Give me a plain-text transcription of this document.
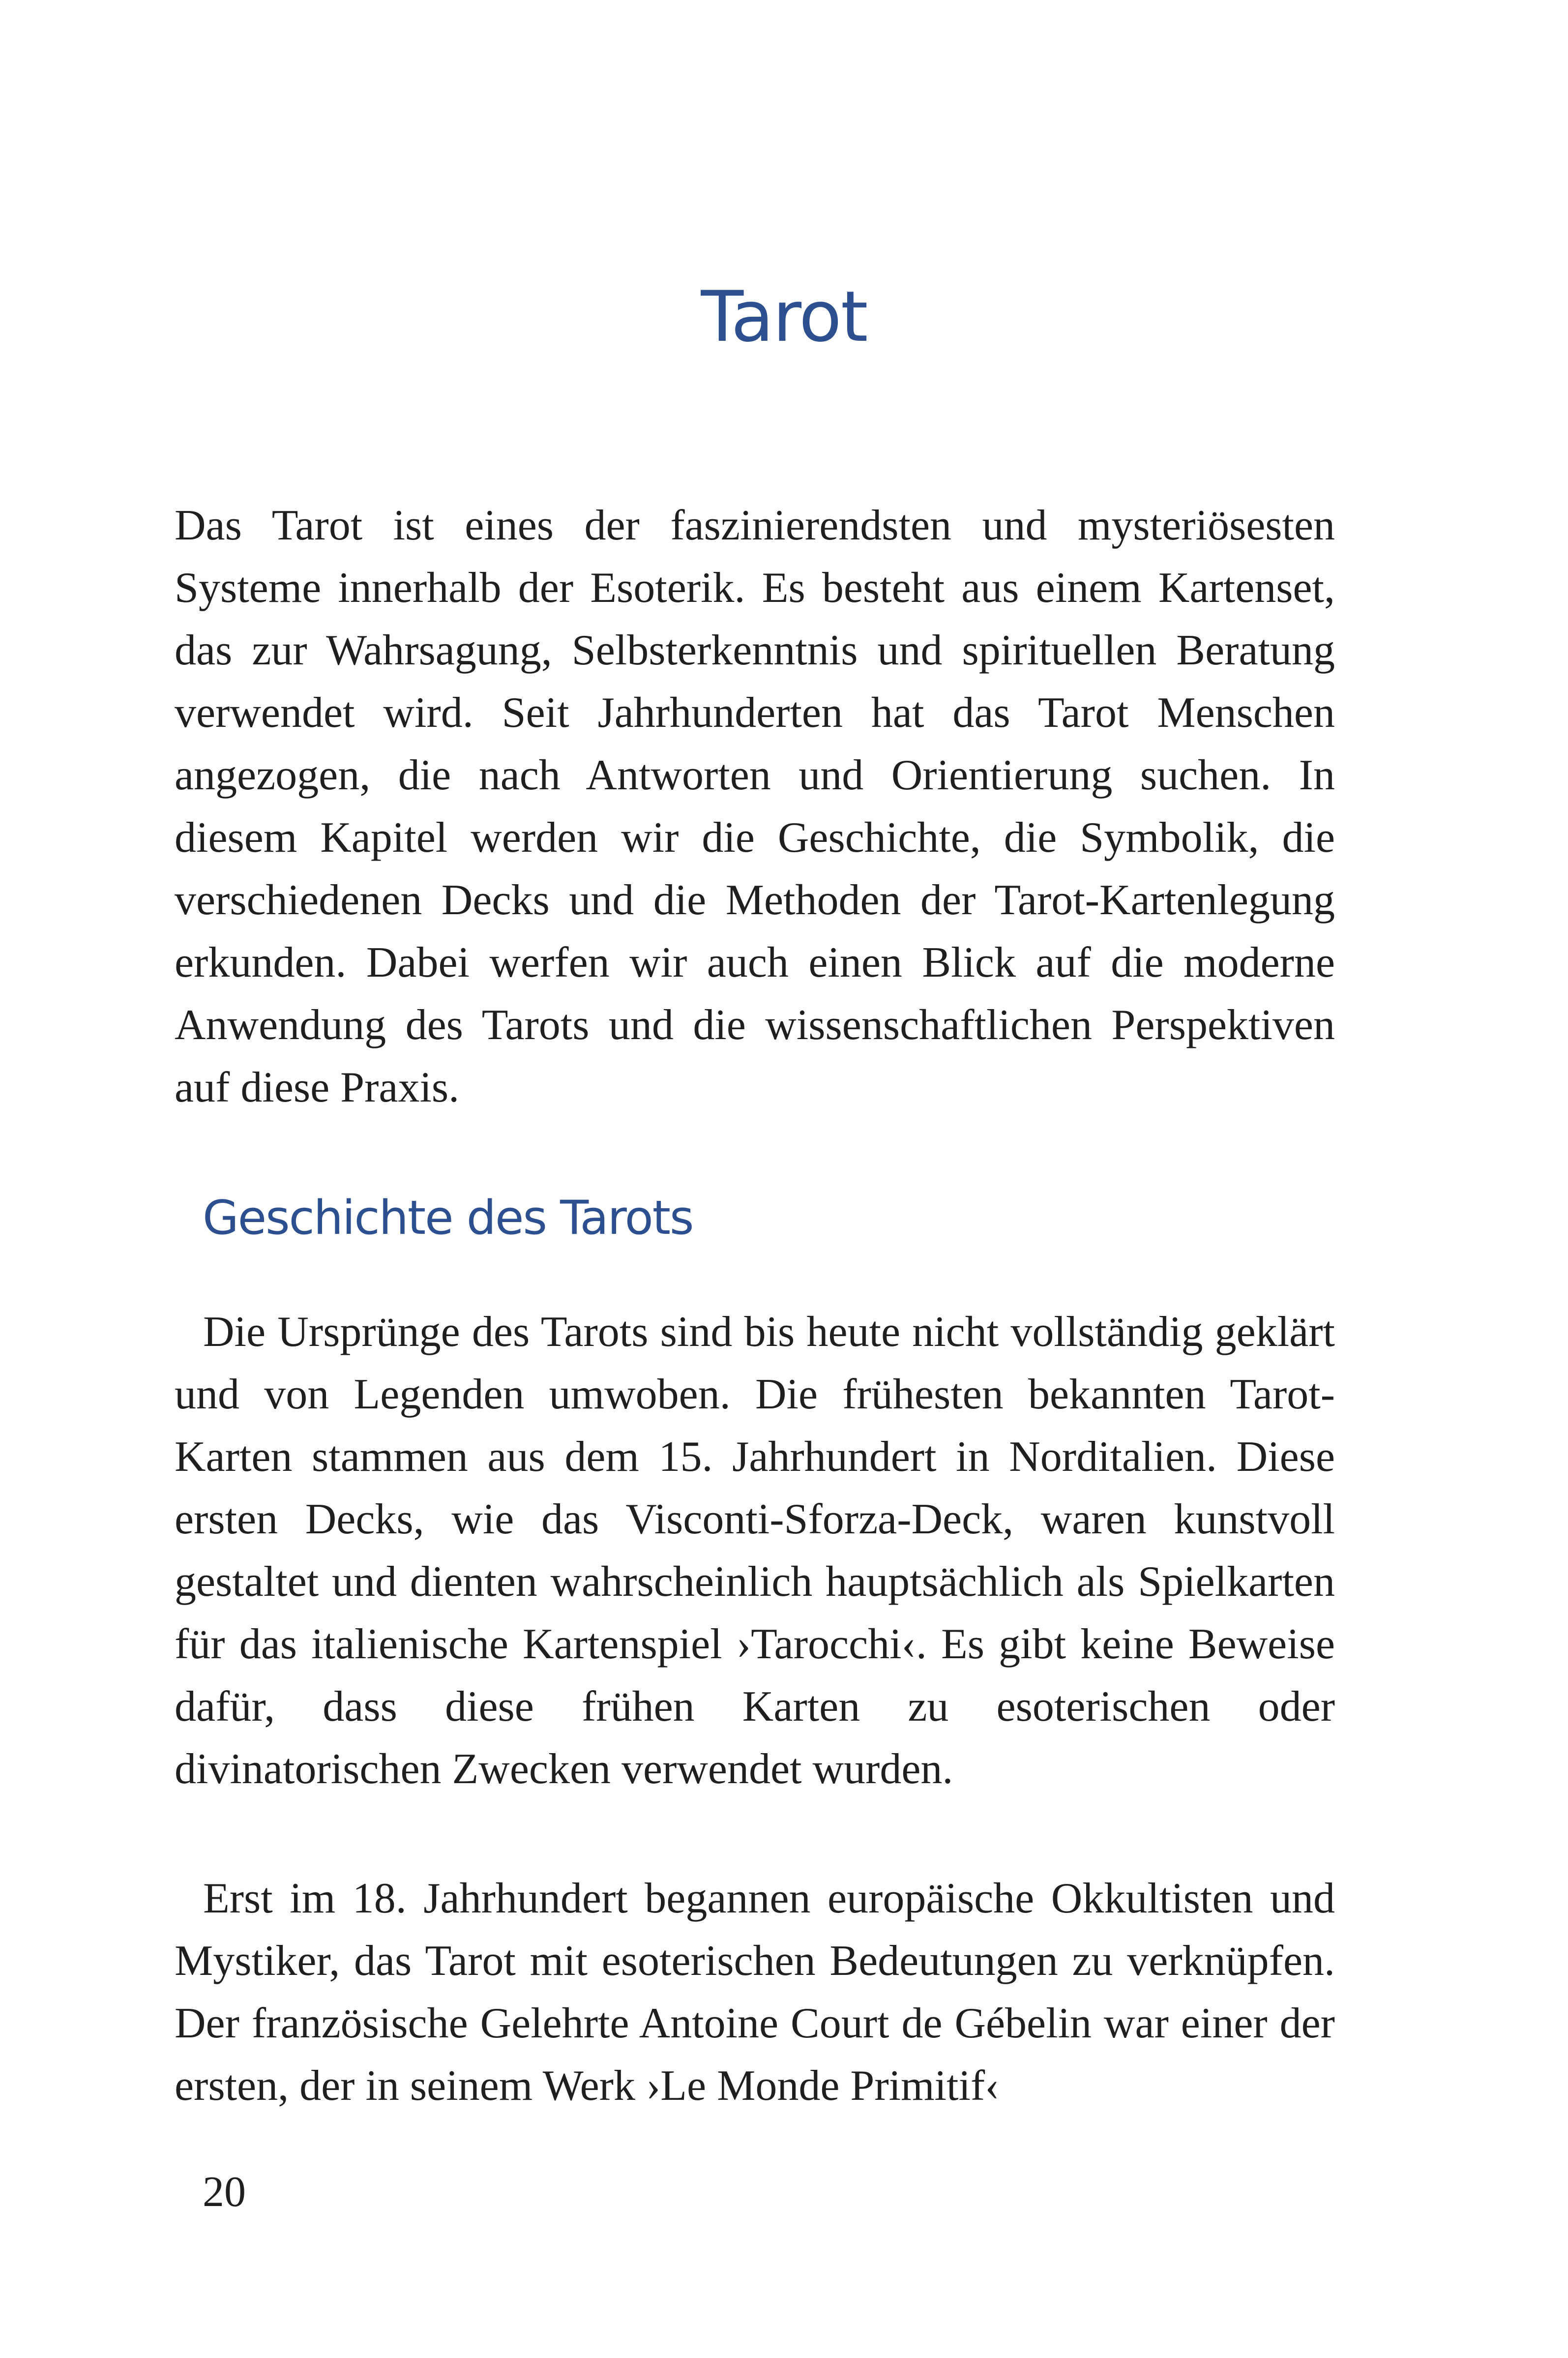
Tarot

Das Tarot ist eines der faszinierendsten und mysteriösesten Systeme innerhalb der Esoterik. Es besteht aus einem Kartenset, das zur Wahrsagung, Selbsterkenntnis und spirituellen Beratung verwendet wird. Seit Jahrhunderten hat das Tarot Menschen angezogen, die nach Antworten und Orientierung suchen. In diesem Kapitel werden wir die Geschichte, die Symbolik, die verschiedenen Decks und die Methoden der Tarot-Kartenlegung erkunden. Dabei werfen wir auch einen Blick auf die moderne Anwendung des Tarots und die wissenschaftlichen Perspektiven auf diese Praxis.

Geschichte des Tarots

Die Ursprünge des Tarots sind bis heute nicht vollständig geklärt und von Legenden umwoben. Die frühesten bekannten Tarot-Karten stammen aus dem 15. Jahrhundert in Norditalien. Diese ersten Decks, wie das Visconti-Sforza-Deck, waren kunstvoll gestaltet und dienten wahrscheinlich hauptsächlich als Spielkarten für das italienische Kartenspiel ›Tarocchi‹. Es gibt keine Beweise dafür, dass diese frühen Karten zu esoterischen oder divinatorischen Zwecken verwendet wurden.

Erst im 18. Jahrhundert begannen europäische Okkultisten und Mystiker, das Tarot mit esoterischen Bedeutungen zu verknüpfen. Der französische Gelehrte Antoine Court de Gébelin war einer der ersten, der in seinem Werk ›Le Monde Primitif‹

20
